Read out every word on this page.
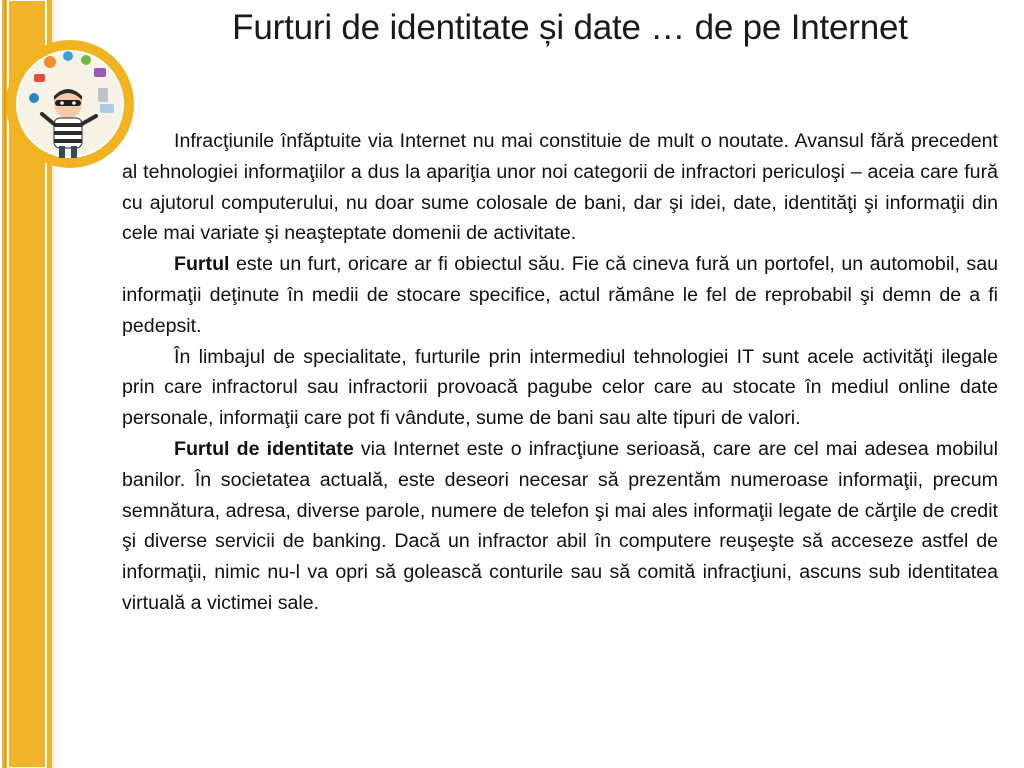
Furturi de identitate și date … de pe Internet

Infracţiunile înfăptuite via Internet nu mai constituie de mult o noutate. Avansul fără precedent al tehnologiei informaţiilor a dus la apariţia unor noi categorii de infractori periculoşi – aceia care fură cu ajutorul computerului, nu doar sume colosale de bani, dar şi idei, date, identităţi şi informaţii din cele mai variate şi neaşteptate domenii de activitate.

Furtul este un furt, oricare ar fi obiectul său. Fie că cineva fură un portofel, un automobil, sau informaţii deţinute în medii de stocare specifice, actul rămâne le fel de reprobabil şi demn de a fi pedepsit.

În limbajul de specialitate, furturile prin intermediul tehnologiei IT sunt acele activităţi ilegale prin care infractorul sau infractorii provoacă pagube celor care au stocate în mediul online date personale, informaţii care pot fi vândute, sume de bani sau alte tipuri de valori.

Furtul de identitate via Internet este o infracţiune serioasă, care are cel mai adesea mobilul banilor. În societatea actuală, este deseori necesar să prezentăm numeroase informaţii, precum semnătura, adresa, diverse parole, numere de telefon şi mai ales informaţii legate de cărţile de credit şi diverse servicii de banking. Dacă un infractor abil în computere reuşeşte să acceseze astfel de informaţii, nimic nu-l va opri să golească conturile sau să comită infracţiuni, ascuns sub identitatea virtuală a victimei sale.
